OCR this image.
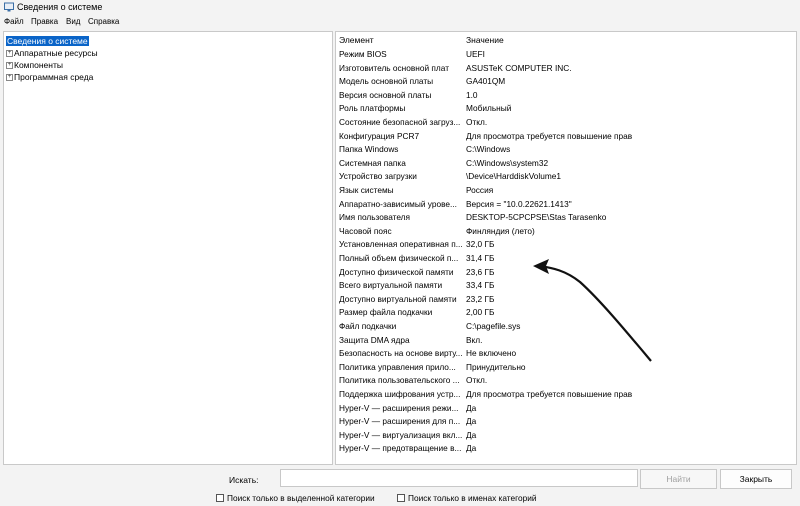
Сведения о системе
Файл Правка Вид Справка
Сведения о системе
+ Аппаратные ресурсы
+ Компоненты
+ Программная среда
Элемент	Значение
Режим BIOS	UEFI
Изготовитель основной плат	ASUSTeK COMPUTER INC.
Модель основной платы	GA401QM
Версия основной платы	1.0
Роль платформы	Мобильный
Состояние безопасной загруз... Откл.
Конфигурация PCR7	Для просмотра требуется повышение прав
Папка Windows	C:\Windows
Системная папка	C:\Windows\system32
Устройство загрузки	\Device\HarddiskVolume1
Язык системы	Россия
Аппаратно-зависимый урове...	Версия = "10.0.22621.1413"
Имя пользователя	DESKTOP-5CPCPSE\Stas Tarasenko
Часовой пояс	Финляндия (лето)
Установленная оперативная п... 32,0 ГБ
Полный объем физической п... 31,4 ГБ
Доступно физической памяти	23,6 ГБ
Всего виртуальной памяти	33,4 ГБ
Доступно виртуальной памяти	23,2 ГБ
Размер файла подкачки	2,00 ГБ
Файл подкачки	C:\pagefile.sys
Защита DMA ядра	Вкл.
Безопасность на основе вирту... Не включено
Политика управления прило...	Принудительно
Политика пользовательского ... Откл.
Поддержка шифрования устр... Для просмотра требуется повышение прав
Hyper-V — расширения режи... Да
Hyper-V — расширения для п... Да
Hyper-V — виртуализация вкл... Да
Hyper-V — предотвращение в... Да
Искать:	Найти	Закрыть
Поиск только в выделенной категории	Поиск только в именах категорий
